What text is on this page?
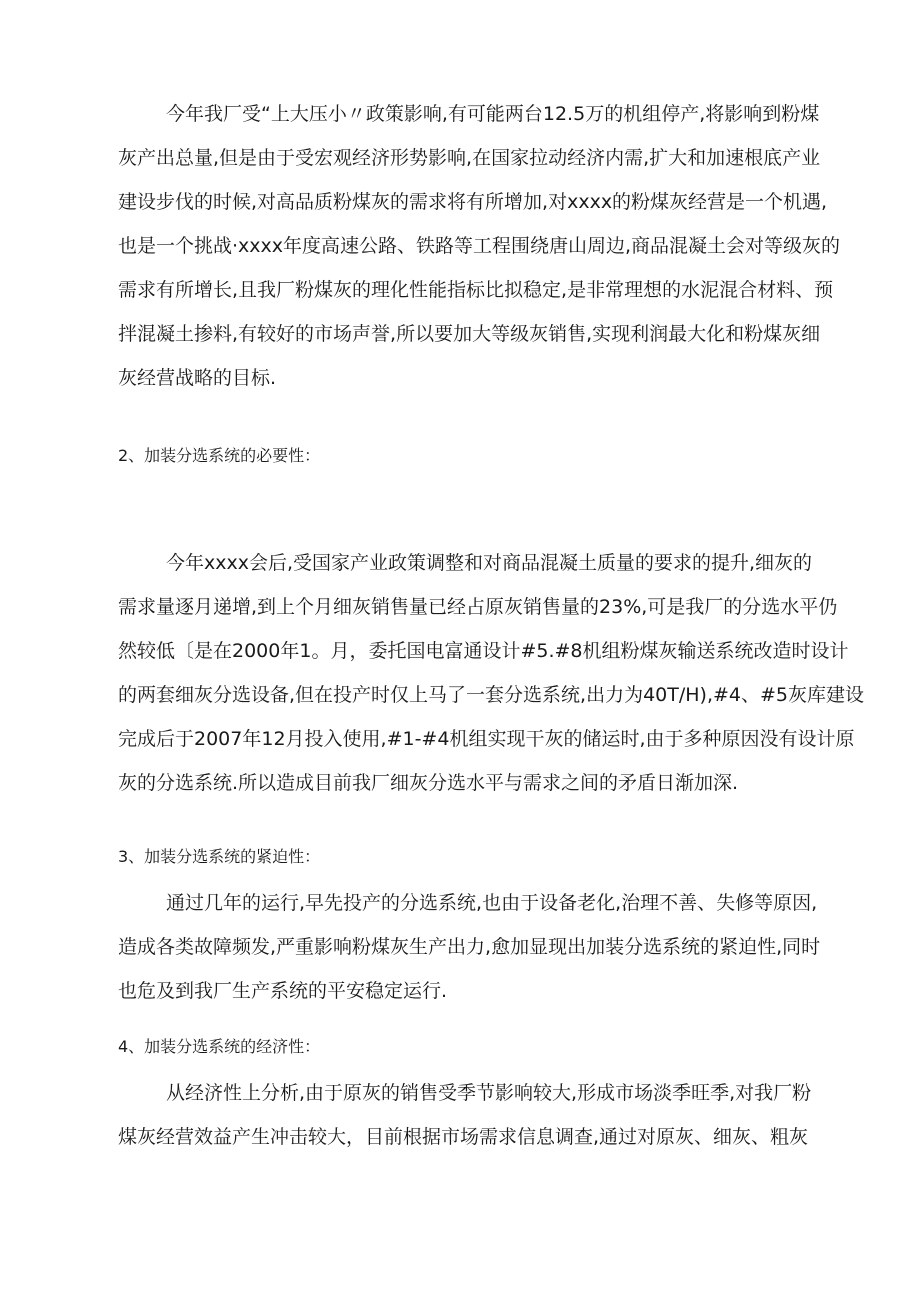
今年我厂受“上大压小〃政策影响,有可能两台12.5万的机组停产,将影响到粉煤
灰产出总量,但是由于受宏观经济形势影响,在国家拉动经济内需,扩大和加速根底产业
建设步伐的时候,对高品质粉煤灰的需求将有所增加,对xxxx的粉煤灰经营是一个机遇,
也是一个挑战·xxxx年度高速公路、铁路等工程围绕唐山周边,商品混凝土会对等级灰的
需求有所增长,且我厂粉煤灰的理化性能指标比拟稳定,是非常理想的水泥混合材料、预
拌混凝土掺料,有较好的市场声誉,所以要加大等级灰销售,实现利润最大化和粉煤灰细
灰经营战略的目标.
2、加装分选系统的必要性：
今年xxxx会后,受国家产业政策调整和对商品混凝土质量的要求的提升,细灰的
需求量逐月递增,到上个月细灰销售量已经占原灰销售量的23%,可是我厂的分选水平仍
然较低〔是在2000年1。月，委托国电富通设计#5.#8机组粉煤灰输送系统改造时设计
的两套细灰分选设备,但在投产时仅上马了一套分选系统,出力为40T/H),#4、#5灰库建设
完成后于2007年12月投入使用,#1-#4机组实现干灰的储运时,由于多种原因没有设计原
灰的分选系统.所以造成目前我厂细灰分选水平与需求之间的矛盾日渐加深.
3、加装分选系统的紧迫性：
通过几年的运行,早先投产的分选系统,也由于设备老化,治理不善、失修等原因,
造成各类故障频发,严重影响粉煤灰生产出力,愈加显现出加装分选系统的紧迫性,同时
也危及到我厂生产系统的平安稳定运行.
4、加装分选系统的经济性：
从经济性上分析,由于原灰的销售受季节影响较大,形成市场淡季旺季,对我厂粉
煤灰经营效益产生冲击较大，目前根据市场需求信息调查,通过对原灰、细灰、粗灰
